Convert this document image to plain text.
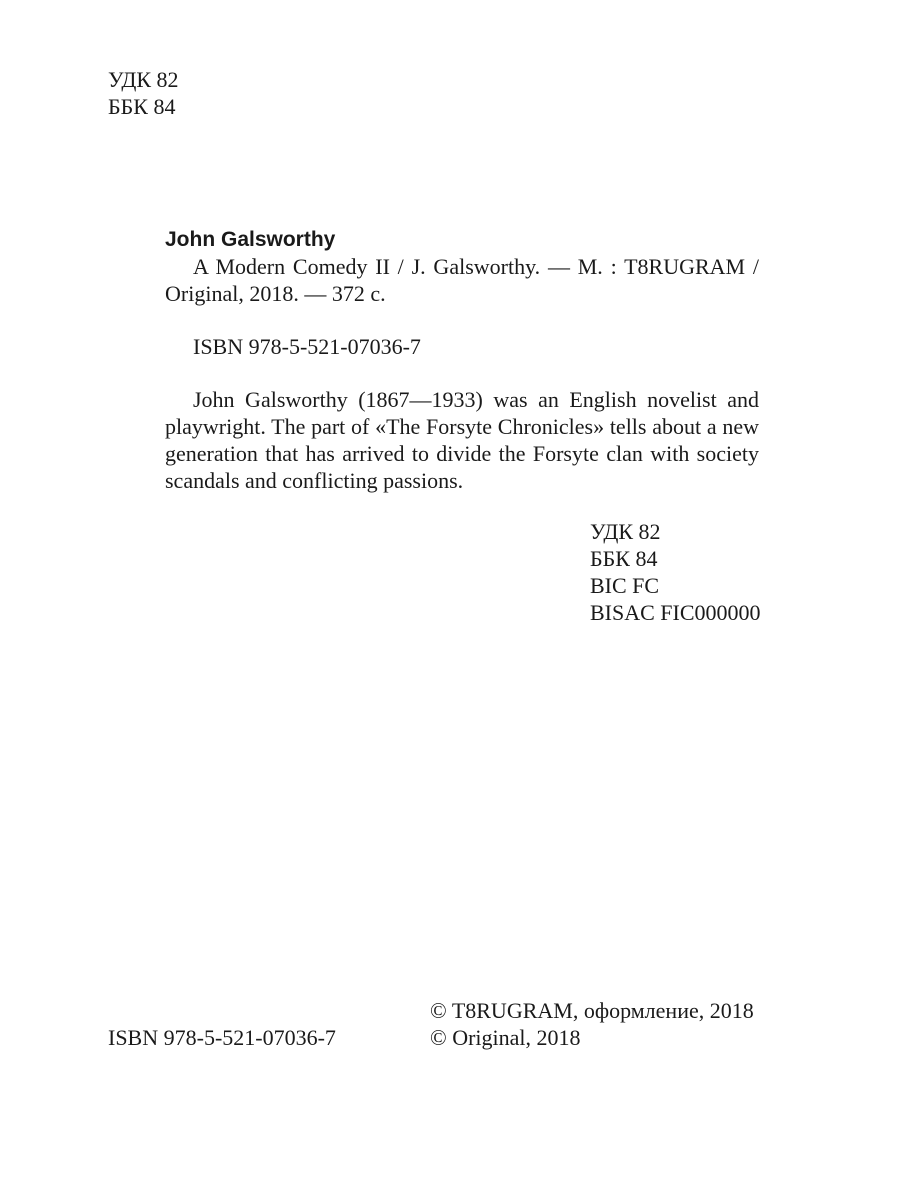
УДК 82
ББК 84

John Galsworthy

A Modern Comedy II / J. Galsworthy. — M. : T8RUGRAM / Original, 2018. — 372 c.

ISBN 978-5-521-07036-7

John Galsworthy (1867—1933) was an English novelist and playwright. The part of «The Forsyte Chronicles» tells about a new generation that has arrived to divide the Forsyte clan with society scandals and conflicting passions.

УДК 82
ББК 84
BIC FC
BISAC FIC000000
ISBN 978-5-521-07036-7
© T8RUGRAM, оформление, 2018
© Original, 2018
